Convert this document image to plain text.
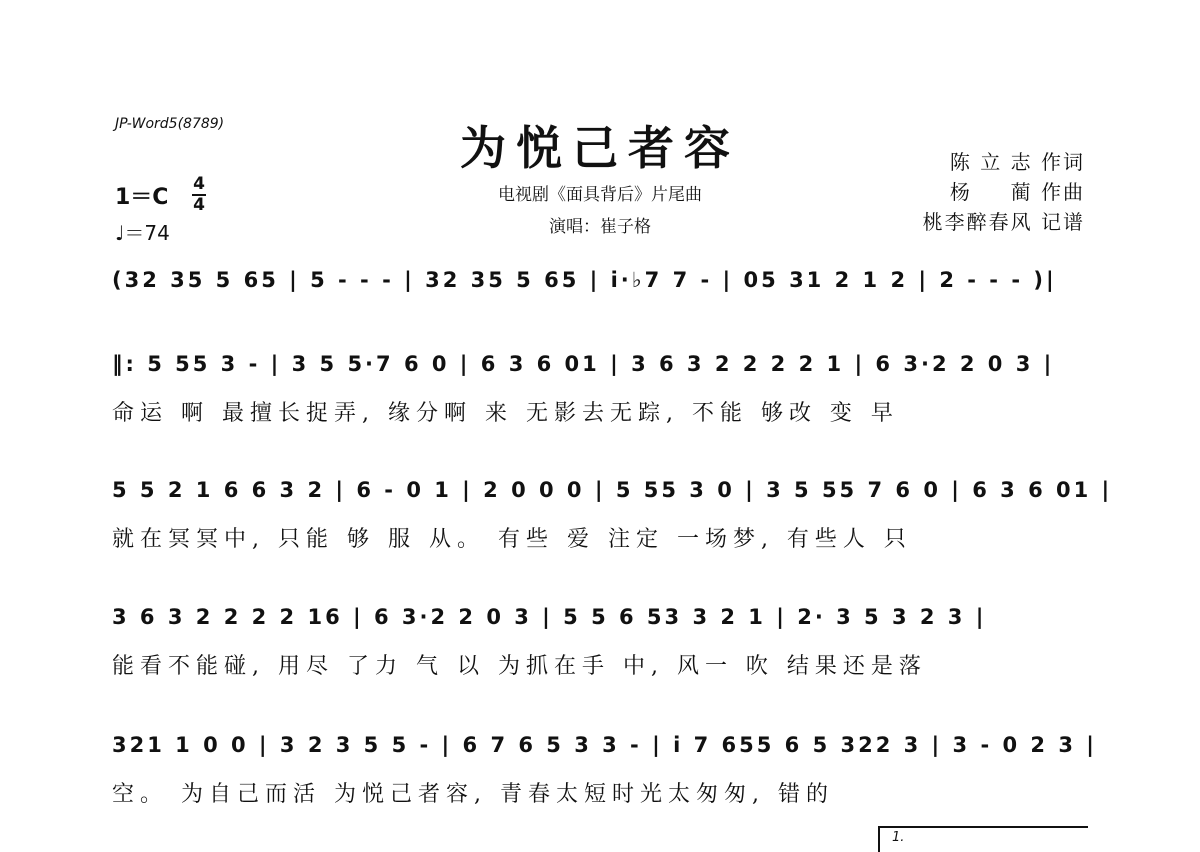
JP-Word5(8789)	为悦己者容
电视剧《面具背后》片尾曲
演唱：崔子格
陈 立 志 作词
杨 　 蔺 作曲
桃李醉春风 记谱
1＝C
4
4
♩＝74
(32 35 5 65 | 5 - - - | 32 35 5 65 | i·♭7 7 - | 05 31 2 1 2 | 2 - - - )|
‖: 5 55 3 - | 3 5 5·7 6 0 | 6 3 6 01 | 3 6 3 2 2 2 2 1 | 6 3·2 2 0 3 |
命运 啊 最擅长捉弄, 缘分啊 来 无影去无踪, 不能 够改 变 早
5 5 2 1 6 6 3 2 | 6 - 0 1 | 2 0 0 0 | 5 55 3 0 | 3 5 55 7 6 0 | 6 3 6 01 |
就在冥冥中, 只能 够 服 从。 有些 爱 注定 一场梦, 有些人 只
3 6 3 2 2 2 2 16 | 6 3·2 2 0 3 | 5 5 6 53 3 2 1 | 2· 3 5 3 2 3 |
能看不能碰, 用尽 了力 气 以 为抓在手 中, 风一 吹 结果还是落
321 1 0 0 | 3 2 3 5 5 - | 6 7 6 5 3 3 - | i 7 655 6 5 322 3 | 3 - 0 2 3 |
空。 为自己而活 为悦己者容, 青春太短时光太匆匆, 错的
1.
